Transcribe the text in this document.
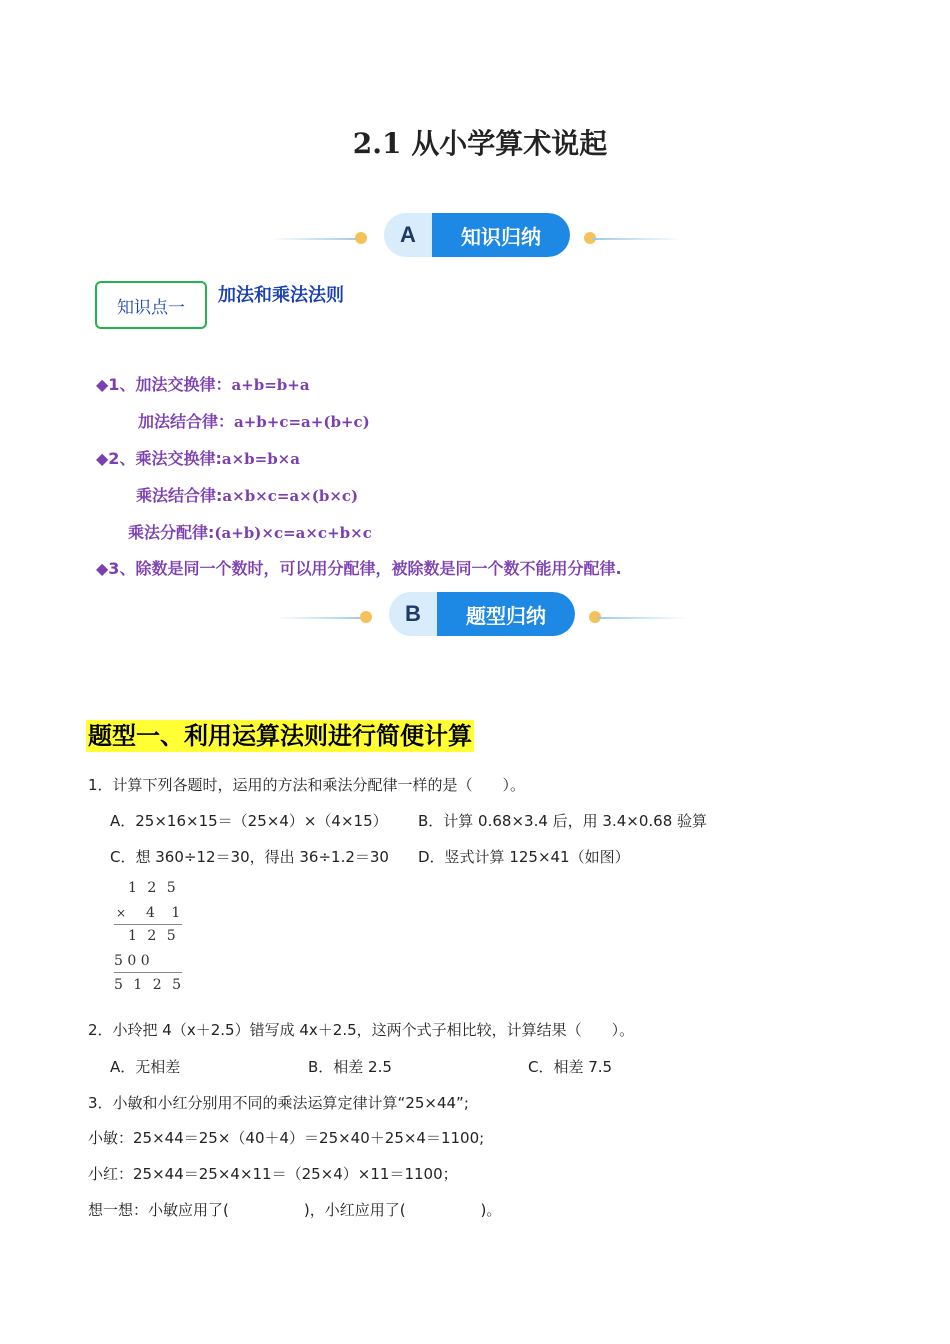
2.1 从小学算术说起
A	知识归纳
知识点一
加法和乘法法则
◆1、加法交换律：a+b=b+a
加法结合律：a+b+c=a+(b+c)
◆2、乘法交换律:a×b=b×a
乘法结合律:a×b×c=a×(b×c)
乘法分配律:(a+b)×c=a×c+b×c
◆3、除数是同一个数时，可以用分配律，被除数是同一个数不能用分配律.
B	题型归纳
题型一、利用运算法则进行简便计算
1．计算下列各题时，运用的方法和乘法分配律一样的是（　　）。
A．25×16×15＝（25×4）×（4×15） B．计算 0.68×3.4 后，用 3.4×0.68 验算
C．想 360÷12＝30，得出 36÷1.2＝30 D．竖式计算 125×41（如图）
1 2 5
× 4 1
1 2 5
5 0 0
5 1 2 5
2．小玲把 4（x＋2.5）错写成 4x＋2.5，这两个式子相比较，计算结果（　　）。
A．无相差	B．相差 2.5	C．相差 7.5
3．小敏和小红分别用不同的乘法运算定律计算“25×44”;
小敏：25×44＝25×（40＋4）＝25×40＋25×4＝1100;
小红：25×44＝25×4×11＝（25×4）×11＝1100；
想一想：小敏应用了(　　　　　)，小红应用了(　　　　　)。
